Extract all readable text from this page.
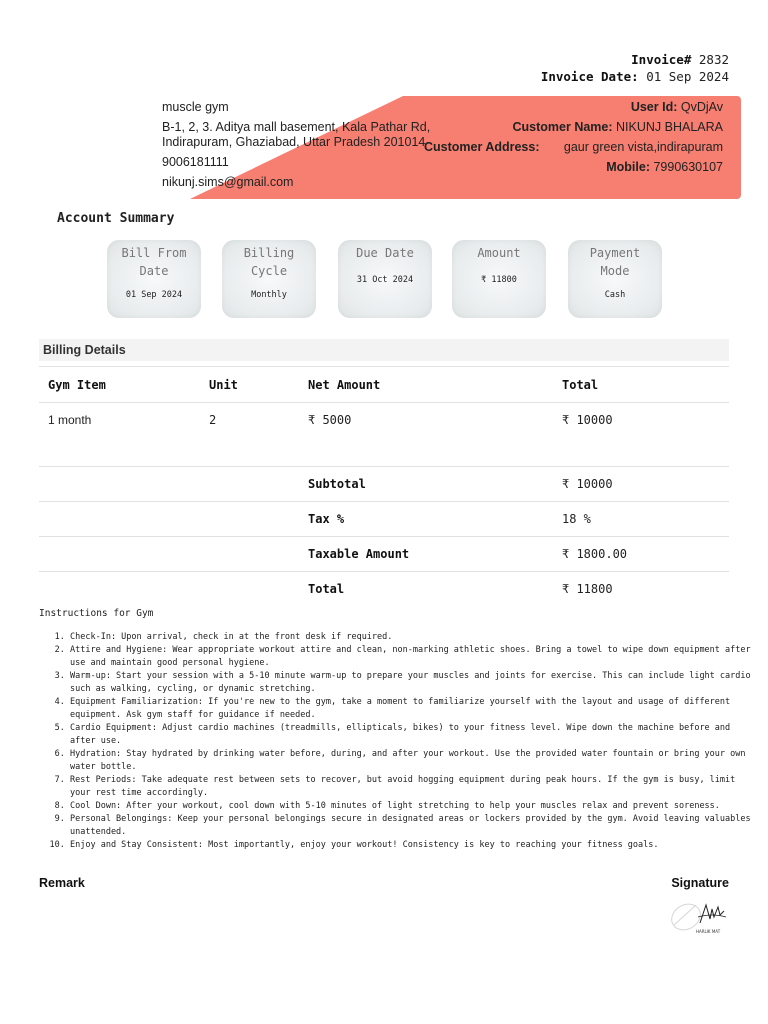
Invoice# 2832
Invoice Date: 01 Sep 2024
muscle gym
B-1, 2, 3. Aditya mall basement, Kala Pathar Rd, Indirapuram, Ghaziabad, Uttar Pradesh 201014
9006181111
nikunj.sims@gmail.com
User Id: QvDjAv
Customer Name: NIKUNJ BHALARA
Customer Address: gaur green vista,indirapuram
Mobile: 7990630107
Account Summary
Bill From Date
01 Sep 2024
Billing Cycle
Monthly
Due Date
31 Oct 2024
Amount
₹ 11800
Payment Mode
Cash
Billing Details
Gym Item	Unit	Net Amount	Total
1 month	2	₹ 5000	₹ 10000
		Subtotal	₹ 10000
		Tax %	18 %
		Taxable Amount	₹ 1800.00
		Total	₹ 11800
Instructions for Gym
1. Check-In: Upon arrival, check in at the front desk if required.
2. Attire and Hygiene: Wear appropriate workout attire and clean, non-marking athletic shoes. Bring a towel to wipe down equipment after use and maintain good personal hygiene.
3. Warm-up: Start your session with a 5-10 minute warm-up to prepare your muscles and joints for exercise. This can include light cardio such as walking, cycling, or dynamic stretching.
4. Equipment Familiarization: If you're new to the gym, take a moment to familiarize yourself with the layout and usage of different equipment. Ask gym staff for guidance if needed.
5. Cardio Equipment: Adjust cardio machines (treadmills, ellipticals, bikes) to your fitness level. Wipe down the machine before and after use.
6. Hydration: Stay hydrated by drinking water before, during, and after your workout. Use the provided water fountain or bring your own water bottle.
7. Rest Periods: Take adequate rest between sets to recover, but avoid hogging equipment during peak hours. If the gym is busy, limit your rest time accordingly.
8. Cool Down: After your workout, cool down with 5-10 minutes of light stretching to help your muscles relax and prevent soreness.
9. Personal Belongings: Keep your personal belongings secure in designated areas or lockers provided by the gym. Avoid leaving valuables unattended.
10. Enjoy and Stay Consistent: Most importantly, enjoy your workout! Consistency is key to reaching your fitness goals.
Remark	Signature
HARLIK MAT
